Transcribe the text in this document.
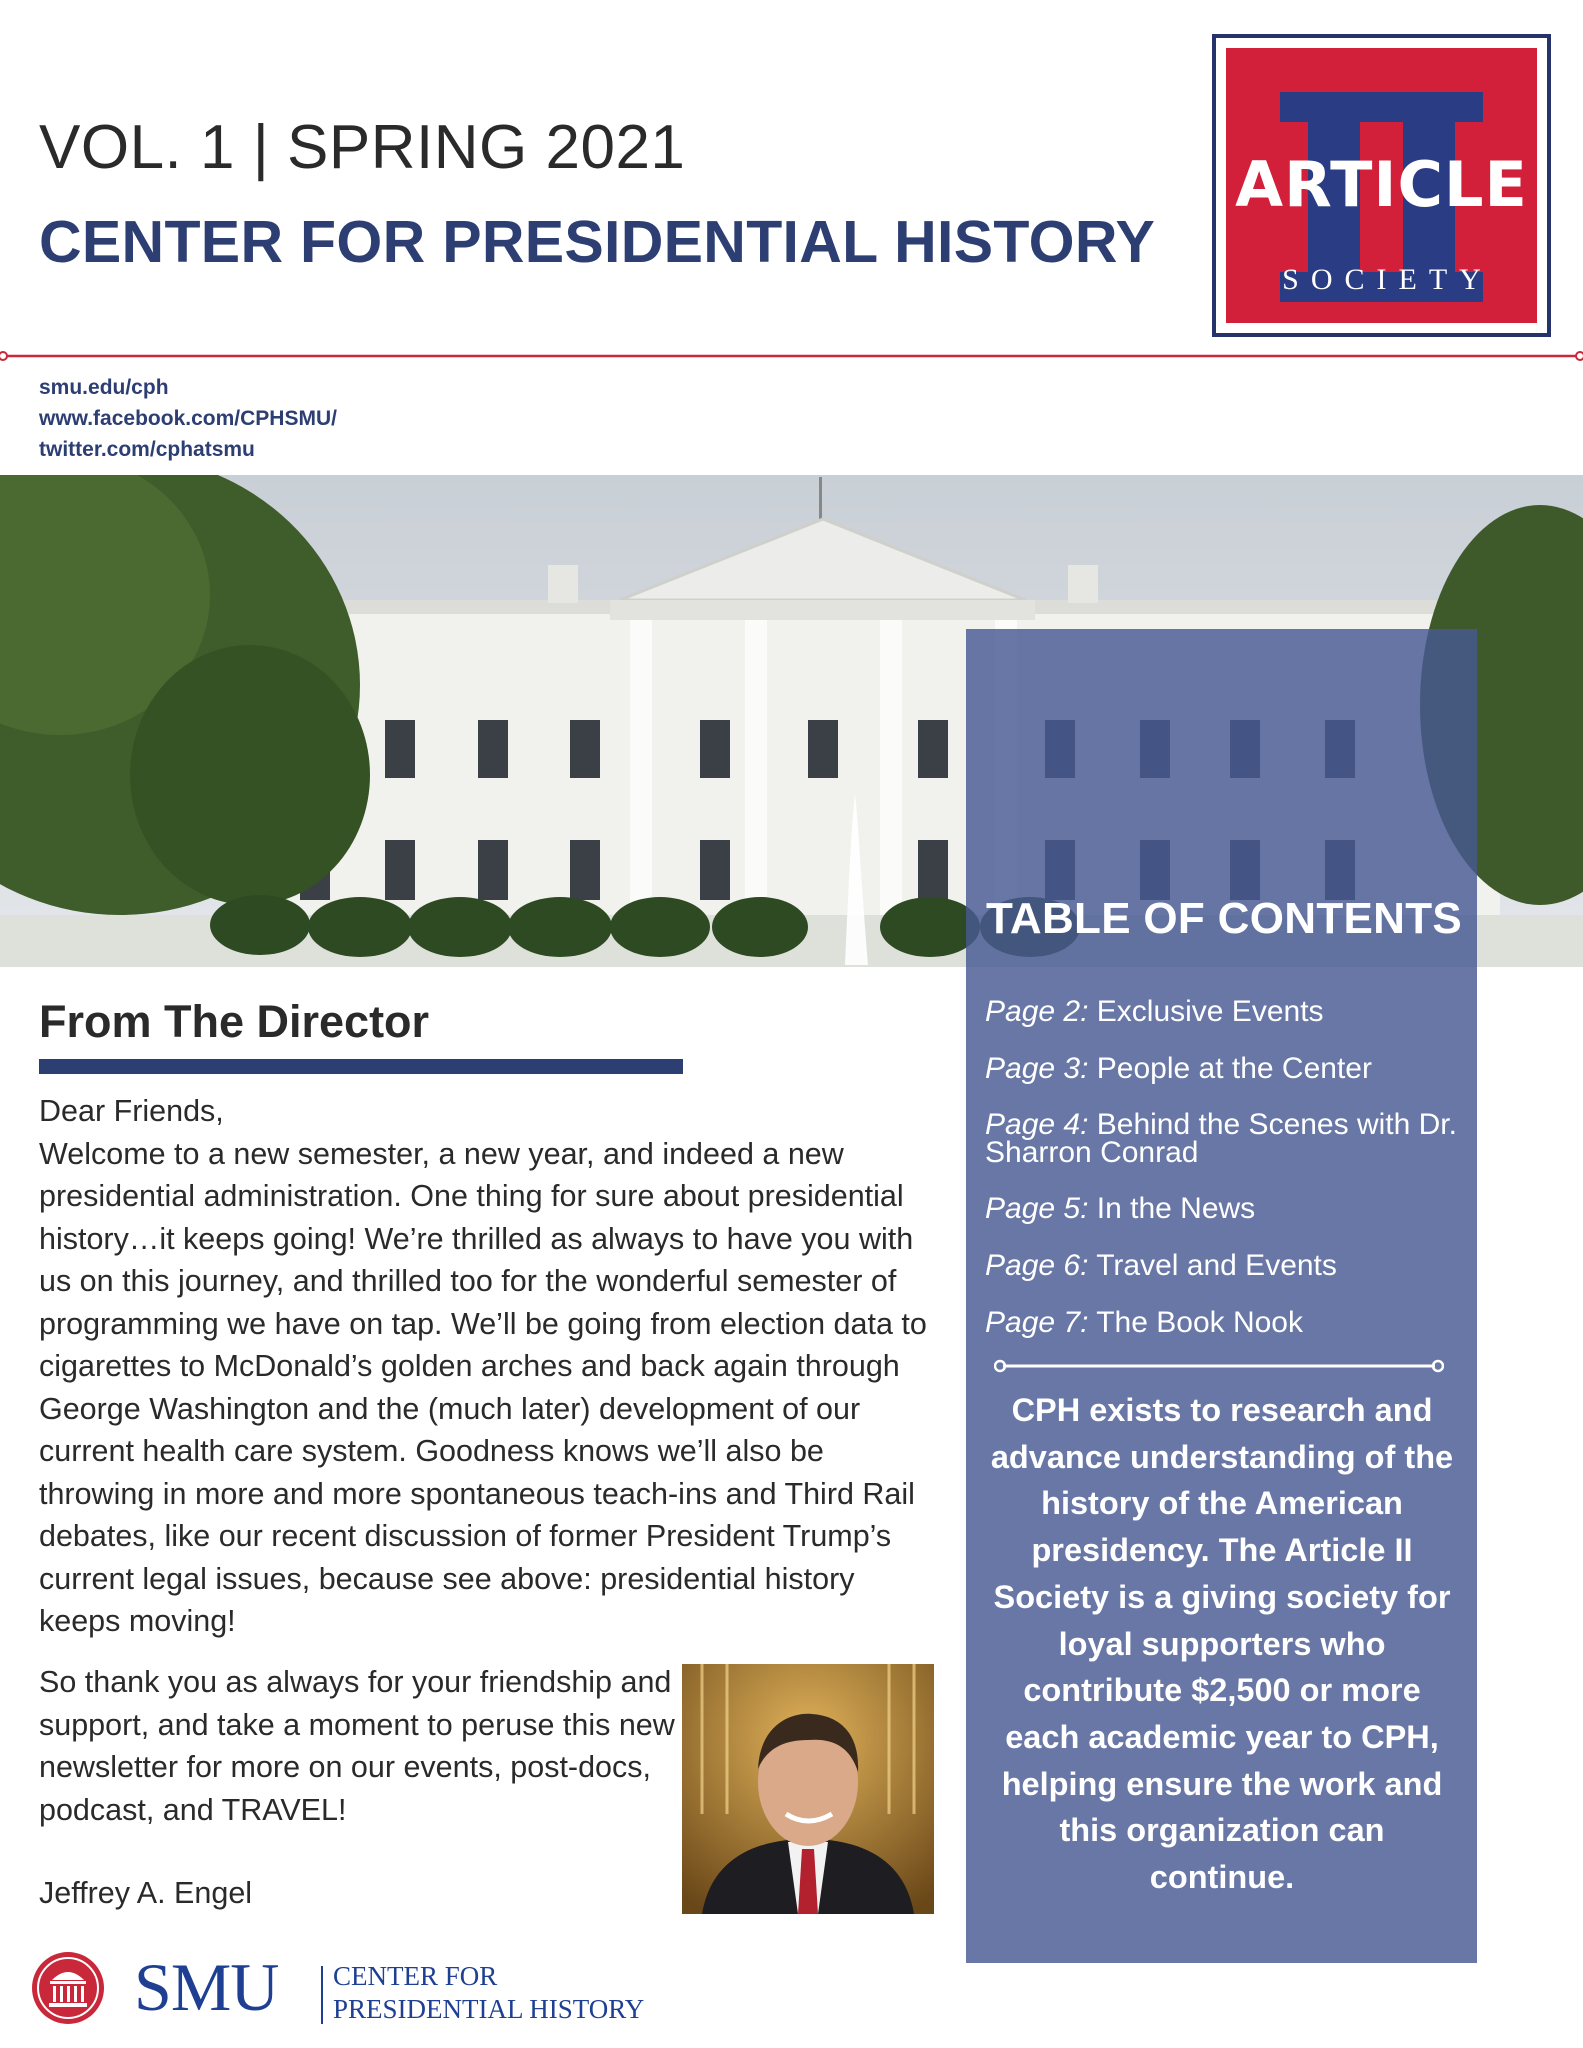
VOL. 1 | SPRING 2021
CENTER FOR PRESIDENTIAL HISTORY
ARTICLE
SOCIETY
smu.edu/cph
www.facebook.com/CPHSMU/
twitter.com/cphatsmu
TABLE OF CONTENTS
Page 2: Exclusive Events
Page 3: People at the Center
Page 4: Behind the Scenes with Dr. Sharron Conrad
Page 5: In the News
Page 6: Travel and Events
Page 7: The Book Nook
CPH exists to research and advance understanding of the history of the American presidency. The Article II Society is a giving society for loyal supporters who contribute $2,500 or more each academic year to CPH, helping ensure the work and this organization can continue.
From The Director

Dear Friends,

Welcome to a new semester, a new year, and indeed a new presidential administration. One thing for sure about presidential history…it keeps going! We’re thrilled as always to have you with us on this journey, and thrilled too for the wonderful semester of programming we have on tap. We’ll be going from election data to cigarettes to McDonald’s golden arches and back again through George Washington and the (much later) development of our current health care system. Goodness knows we’ll also be throwing in more and more spontaneous teach-ins and Third Rail debates, like our recent discussion of former President Trump’s current legal issues, because see above: presidential history keeps moving!

So thank you as always for your friendship and support, and take a moment to peruse this new newsletter for more on our events, post-docs, podcast, and TRAVEL!
Jeffrey A. Engel
SMU CENTER FOR
PRESIDENTIAL HISTORY
